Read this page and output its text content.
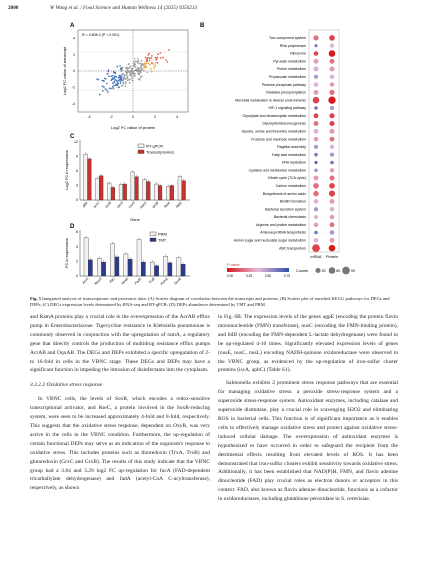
2000	W Wang et al. / Food Science and Human Wellness 14 (2025) 9250213
A
R = 0.608 4 (P < 0.001)
-4	-2	0	2	4
4
2
0
-2
-4
Log2 FC ration of protein
Log2 FC ration of transcript
C
gltA acrC acrB rpoS soxS marA qnrB fadA fadD
12
9
6
3
0
RT-qPCR
Transcriptomics
Gene
Log2 FC in expression
D
AcrA RpoS FliC MotA FadA TrxB FumA SoxR
6
4
2
0
PRM
TMT
FC in expression
B
Two-component system
RNA polymerase
Ribosome
Pyruvate metabolism
Purine metabolism
Propanoate metabolism
Pentose phosphate pathway
Oxidative phosphorylation
Microbial metabolism in diverse environments
HIF-1 signaling pathway
Glyoxylate and dicarboxylate metabolism
Glycolysis/Gluconeogenesis
Glycine, serine and threonine metabolism
Fructose and mannose metabolism
Flagellar assembly
Fatty acid metabolism
DNA replication
Cysteine and methionine metabolism
Citrate cycle (TCA cycle)
Carbon metabolism
Biosynthesis of amino acids
Biofilm formation
Bacterial secretion system
Bacterial chemotaxis
Arginine and proline metabolism
Aminoacyl-tRNA biosynthesis
Amino sugar and nucleotide sugar metabolism
ABC transporters
mRNA Protein
P value
0.00	0.25	0.50	0.75
Counts	30	60	90
Fig. 5 Integrated analysis of transcriptomic and proteomic data. (A) Scatter diagram of correlation between the transcripts and proteins; (B) Scatter plot of enriched KEGG pathways for DEGs and DEPs; (C) DEGs expression levels determined by RNA-seq and RT-qPCR; (D) DEPs abundance determined by TMT and PRM.

and RamA proteins play a crucial role in the overexpression of the AcrAB efflux pump in Enterobacteriaceae. Tigecycline resistance in Klebsiella pneumoniae is commonly observed in conjunction with the upregulation of ramA, a regulatory gene that directly controls the production of multidrug resistance efflux pumps AcrAB and OqxAB. The DEGs and DEPs exhibited a specific upregulation of 2- to 16-fold in cells in the VBNC stage. These DEGs and DEPs may have a significant function in impeding the intrusion of disinfectants into the cytoplasm.

3.3.2.2 Oxidative stress response

In VBNC cells, the levels of SoxR, which encodes a redox-sensitive transcriptional activator, and RseC, a protein involved in the SoxR-reducing system, were seen to be increased approximately 4-fold and 8-fold, respectively. This suggests that the oxidative stress response, dependent on OxyR, was very active in the cells in the VBNC condition. Furthermore, the up-regulation of certain functional DEPs may serve as an indication of the organism's response to oxidative stress. This includes proteins such as thioredoxin (TrxA, TrxB) and glutaredoxin (GrxC and GrxB). The results of this study indicate that the VBNC group had a 3.84 and 3.29 log2 FC up-regulation for fucA (FAD-dependent tricarballylate dehydrogenase) and fadA (acetyl-CoA C-acyltransferase), respectively, as shown

in Fig. 6B. The expression levels of the genes agpE (encoding the protein flavin mononucleotide (FMN) transferase), nusC (encoding the FMN-binding protein), and lldD (encoding the FMN-dependent L-lactate dehydrogenase) were found to be up-regulated 4-16 times. Significantly elevated expression levels of genes (nusE, nusC, nusL) encoding NADH-quinone oxidoreductase were observed in the VBNC group, as evidenced by the up-regulation of iron-sulfur cluster proteins (iscA, apbC) (Table S1).

Salmonella exhibits 2 prominent stress response pathways that are essential for managing oxidative stress: a peroxide stress-response system and a superoxide stress-response system. Antioxidant enzymes, including catalase and superoxide dismutase, play a crucial role in scavenging H2O2 and eliminating ROS in bacterial cells. This function is of significant importance as it enables cells to effectively manage oxidative stress and protect against oxidative stress-induced cellular damage. The overexpression of antioxidant enzymes is hypothesized to have occurred in order to safeguard the recipient from the detrimental effects resulting from elevated levels of ROS. It has been demonstrated that iron-sulfur clusters exhibit sensitivity towards oxidative stress. Additionally, it has been established that NAD(P)H, FMN, and flavin adenine dinucleotide (FAD) play crucial roles as electron donors or acceptors in this context. FAD, also known as flavin adenine dinucleotide, functions as a cofactor in oxidoreductases, including glutathione peroxidase in S. cerevisiae.
